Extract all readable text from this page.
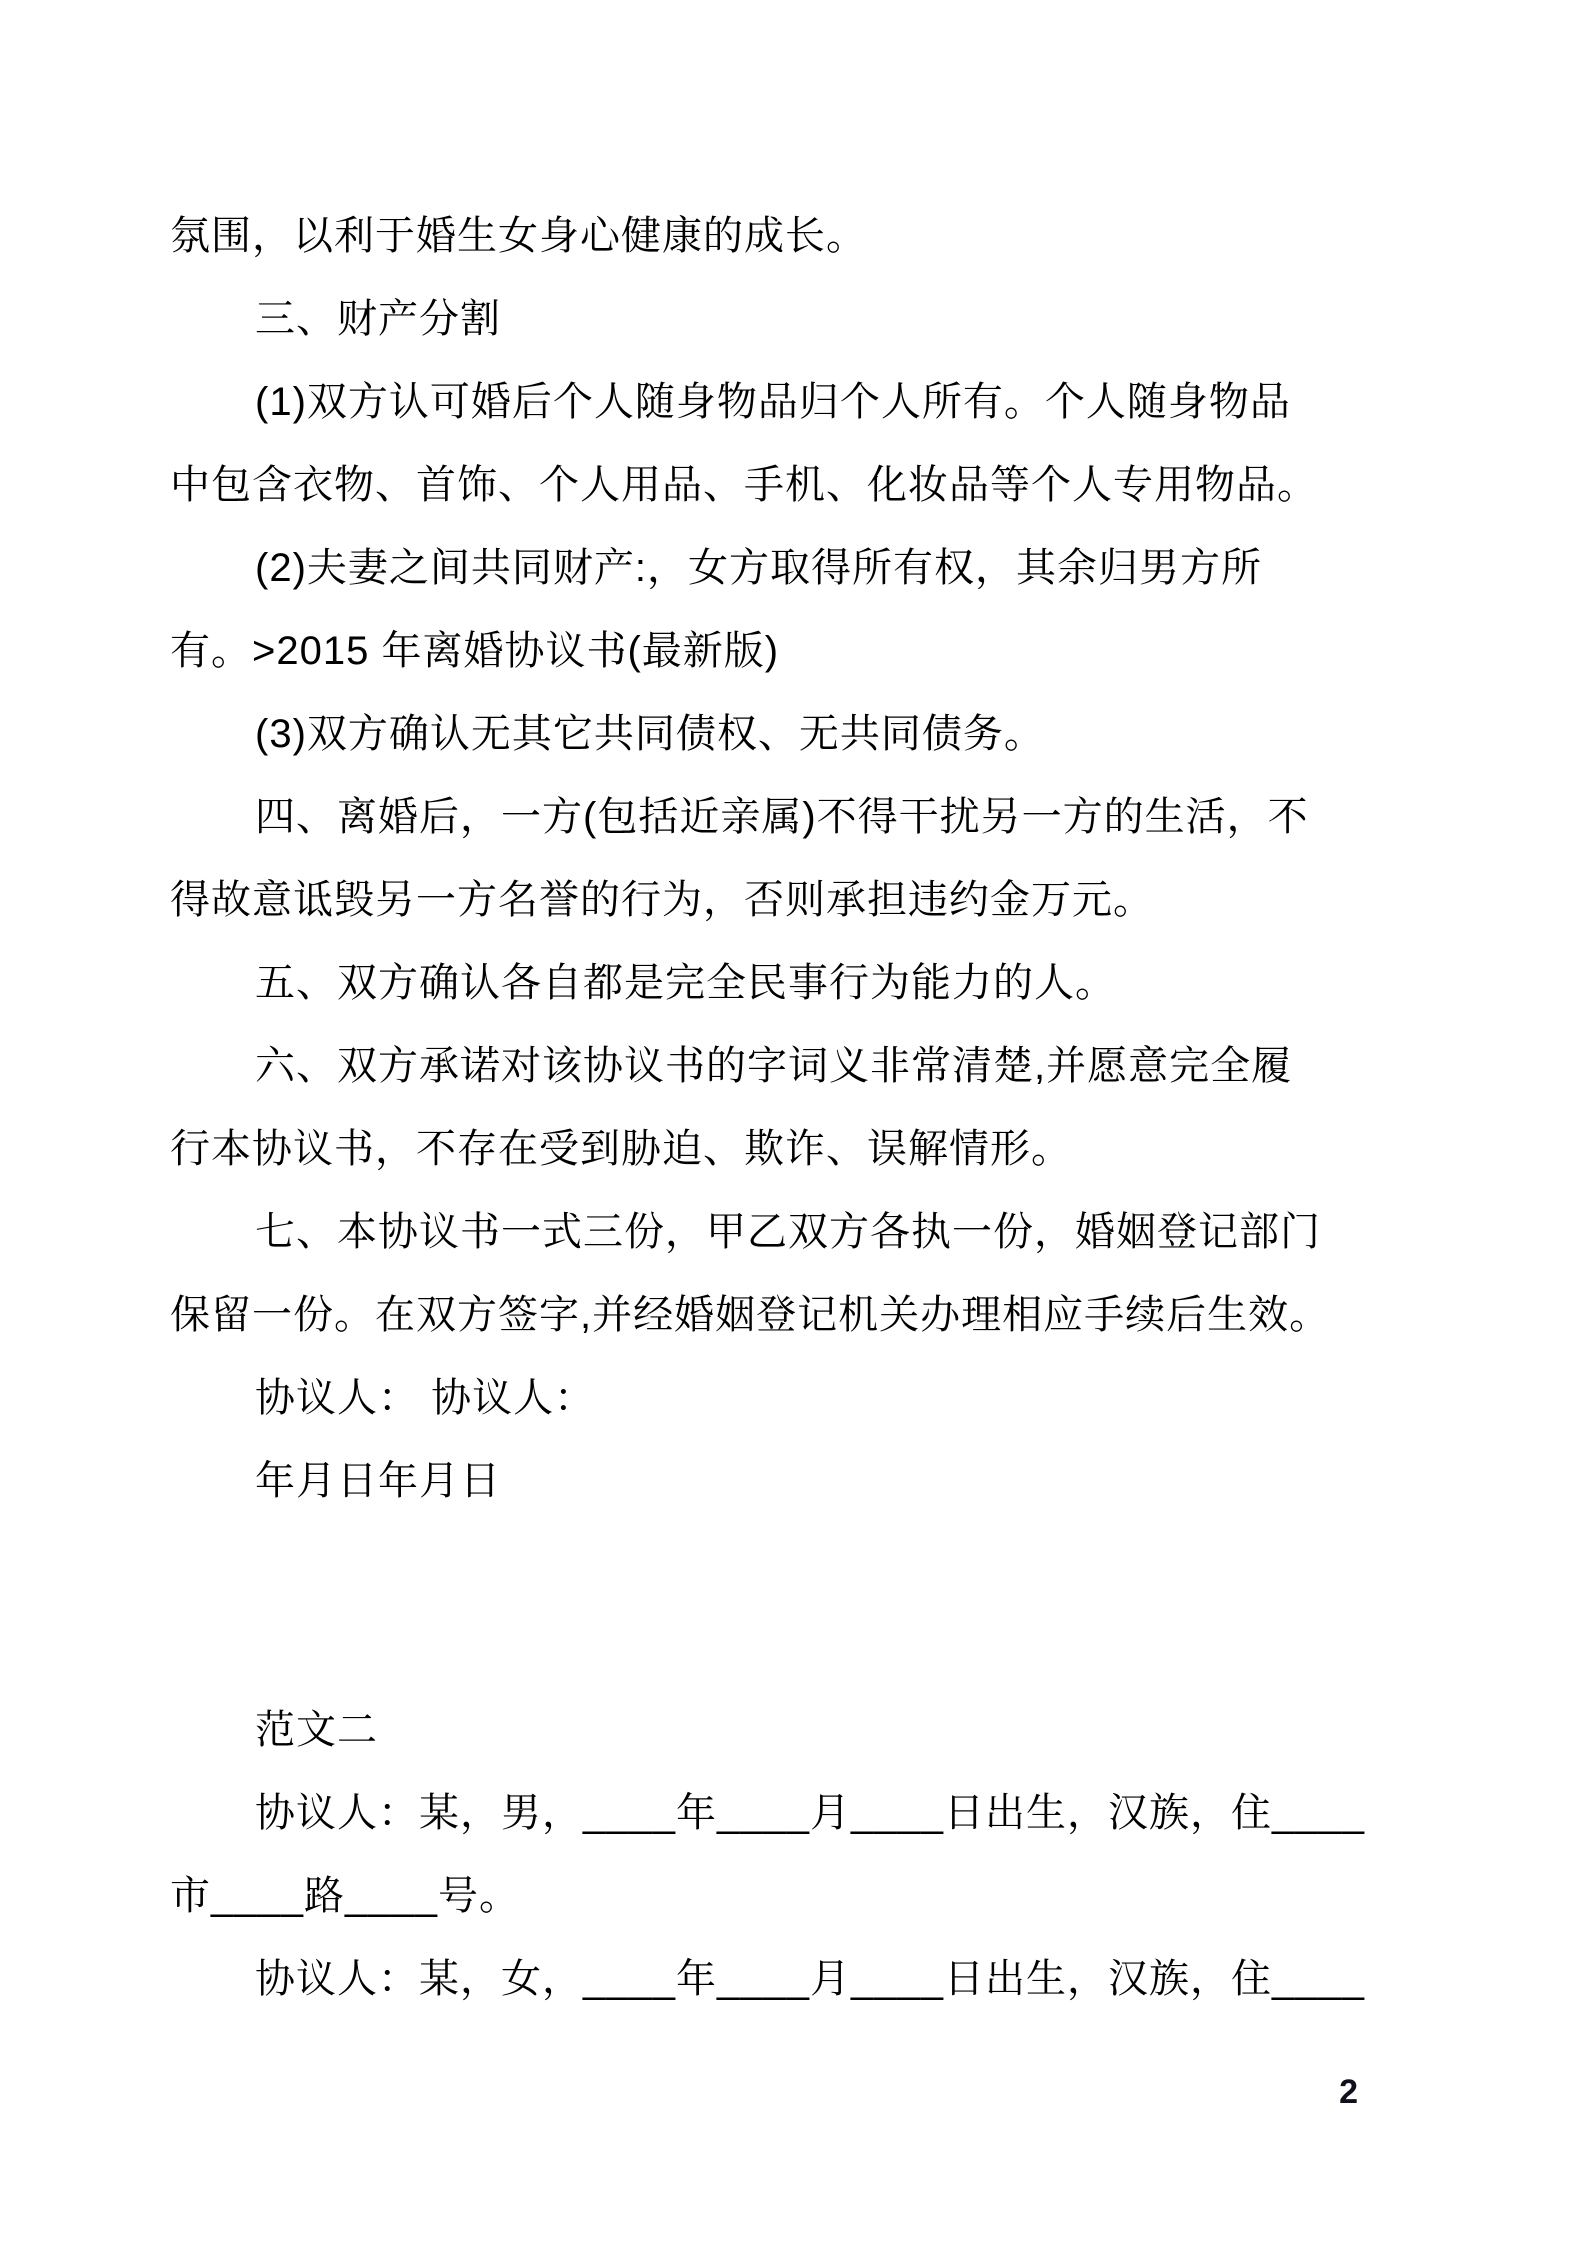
氛围，以利于婚生女身心健康的成长。
三、财产分割
(1)双方认可婚后个人随身物品归个人所有。个人随身物品
中包含衣物、首饰、个人用品、手机、化妆品等个人专用物品。
(2)夫妻之间共同财产:，女方取得所有权，其余归男方所
有。>2015 年离婚协议书(最新版)
(3)双方确认无其它共同债权、无共同债务。
四、离婚后，一方(包括近亲属)不得干扰另一方的生活，不
得故意诋毁另一方名誉的行为，否则承担违约金万元。
五、双方确认各自都是完全民事行为能力的人。
六、双方承诺对该协议书的字词义非常清楚,并愿意完全履
行本协议书，不存在受到胁迫、欺诈、误解情形。
七、本协议书一式三份，甲乙双方各执一份，婚姻登记部门
保留一份。在双方签字,并经婚姻登记机关办理相应手续后生效。
协议人： 协议人：
年月日年月日
范文二
协议人：某，男，____年____月____日出生，汉族，住____
市____路____号。
协议人：某，女，____年____月____日出生，汉族，住____
2
